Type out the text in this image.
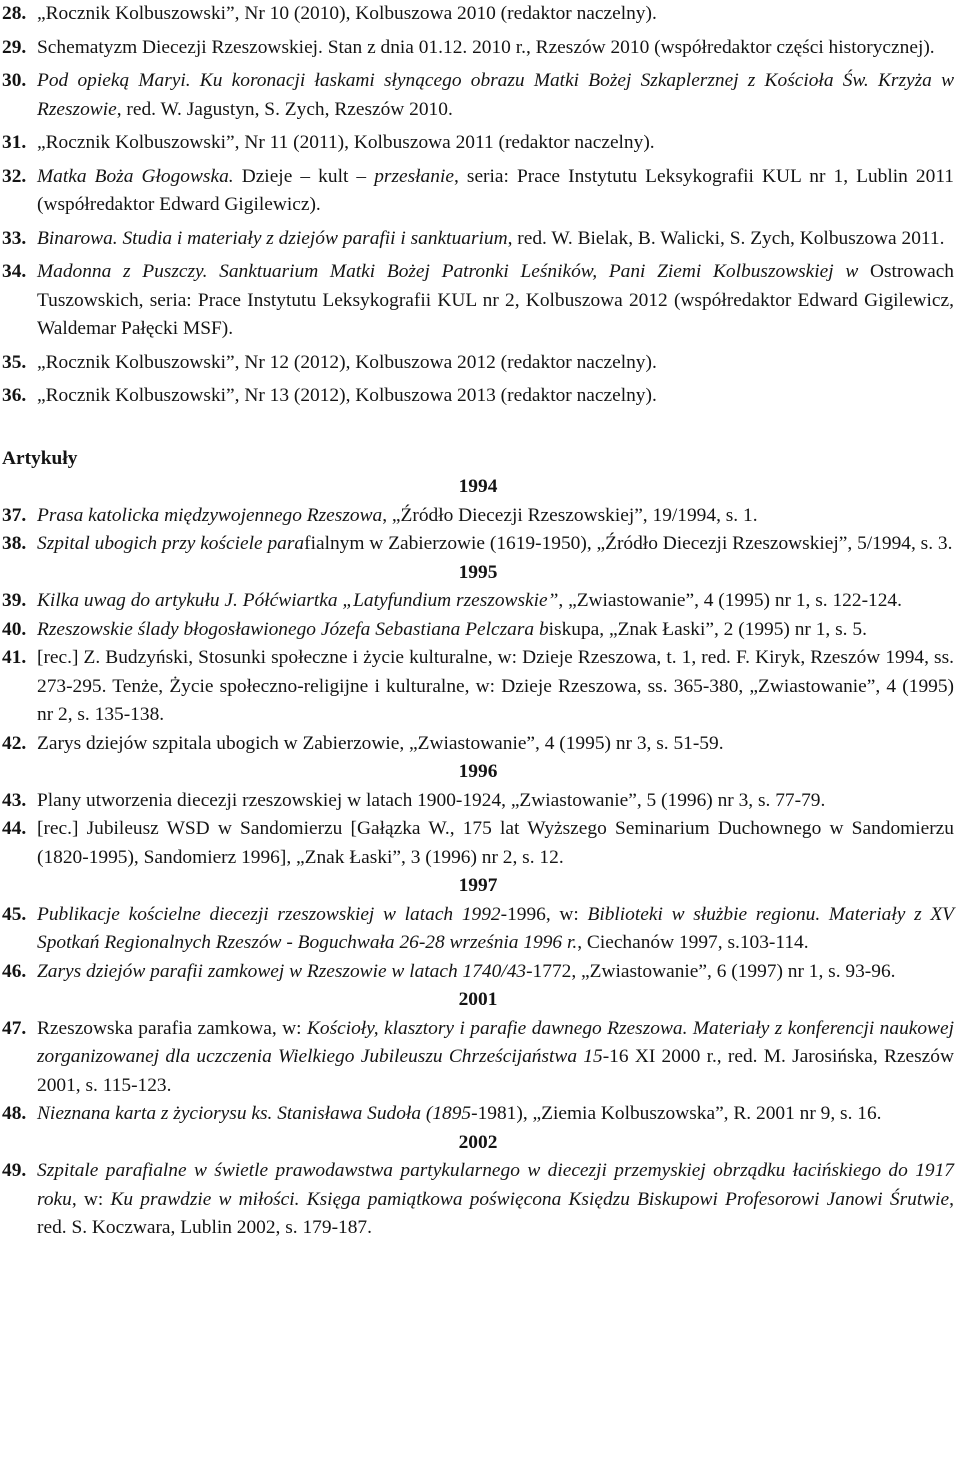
28. „Rocznik Kolbuszowski”, Nr 10 (2010), Kolbuszowa 2010 (redaktor naczelny).
29. Schematyzm Diecezji Rzeszowskiej. Stan z dnia 01.12. 2010 r., Rzeszów 2010 (współredaktor części historycznej).
30. Pod opieką Maryi. Ku koronacji łaskami słynącego obrazu Matki Bożej Szkaplerznej z Kościoła Św. Krzyża w Rzeszowie, red. W. Jagustyn, S. Zych, Rzeszów 2010.
31. „Rocznik Kolbuszowski”, Nr 11 (2011), Kolbuszowa 2011 (redaktor naczelny).
32. Matka Boża Głogowska. Dzieje – kult – przesłanie, seria: Prace Instytutu Leksykografii KUL nr 1, Lublin 2011 (współredaktor Edward Gigilewicz).
33. Binarowa. Studia i materiały z dziejów parafii i sanktuarium, red. W. Bielak, B. Walicki, S. Zych, Kolbuszowa 2011.
34. Madonna z Puszczy. Sanktuarium Matki Bożej Patronki Leśników, Pani Ziemi Kolbuszowskiej w Ostrowach Tuszowskich, seria: Prace Instytutu Leksykografii KUL nr 2, Kolbuszowa 2012 (współredaktor Edward Gigilewicz, Waldemar Pałęcki MSF).
35. „Rocznik Kolbuszowski”, Nr 12 (2012), Kolbuszowa 2012 (redaktor naczelny).
36. „Rocznik Kolbuszowski”, Nr 13 (2012), Kolbuszowa 2013 (redaktor naczelny).
Artykuły
1994
37. Prasa katolicka międzywojennego Rzeszowa, „Źródło Diecezji Rzeszowskiej”, 19/1994, s. 1.
38. Szpital ubogich przy kościele parafialnym w Zabierzowie (1619-1950), „Źródło Diecezji Rzeszowskiej”, 5/1994, s. 3.
1995
39. Kilka uwag do artykułu J. Półćwiartka „Latyfundium rzeszowskie”, „Zwiastowanie”, 4 (1995) nr 1, s. 122-124.
40. Rzeszowskie ślady błogosławionego Józefa Sebastiana Pelczara biskupa, „Znak Łaski”, 2 (1995) nr 1, s. 5.
41. [rec.] Z. Budzyński, Stosunki społeczne i życie kulturalne, w: Dzieje Rzeszowa, t. 1, red. F. Kiryk, Rzeszów 1994, ss. 273-295. Tenże, Życie społeczno-religijne i kulturalne, w: Dzieje Rzeszowa, ss. 365-380, „Zwiastowanie”, 4 (1995) nr 2, s. 135-138.
42. Zarys dziejów szpitala ubogich w Zabierzowie, „Zwiastowanie”, 4 (1995) nr 3, s. 51-59.
1996
43. Plany utworzenia diecezji rzeszowskiej w latach 1900-1924, „Zwiastowanie”, 5 (1996) nr 3, s. 77-79.
44. [rec.] Jubileusz WSD w Sandomierzu [Gałązka W., 175 lat Wyższego Seminarium Duchownego w Sandomierzu (1820-1995), Sandomierz 1996], „Znak Łaski”, 3 (1996) nr 2, s. 12.
1997
45. Publikacje kościelne diecezji rzeszowskiej w latach 1992-1996, w: Biblioteki w służbie regionu. Materiały z XV Spotkań Regionalnych Rzeszów - Boguchwała 26-28 września 1996 r., Ciechanów 1997, s.103-114.
46. Zarys dziejów parafii zamkowej w Rzeszowie w latach 1740/43-1772, „Zwiastowanie”, 6 (1997) nr 1, s. 93-96.
2001
47. Rzeszowska parafia zamkowa, w: Kościoły, klasztory i parafie dawnego Rzeszowa. Materiały z konferencji naukowej zorganizowanej dla uczczenia Wielkiego Jubileuszu Chrześcijaństwa 15-16 XI 2000 r., red. M. Jarosińska, Rzeszów 2001, s. 115-123.
48. Nieznana karta z życiorysu ks. Stanisława Sudoła (1895-1981), „Ziemia Kolbuszowska”, R. 2001 nr 9, s. 16.
2002
49. Szpitale parafialne w świetle prawodawstwa partykularnego w diecezji przemyskiej obrządku łacińskiego do 1917 roku, w: Ku prawdzie w miłości. Księga pamiątkowa poświęcona Księdzu Biskupowi Profesorowi Janowi Śrutwie, red. S. Koczwara, Lublin 2002, s. 179-187.
